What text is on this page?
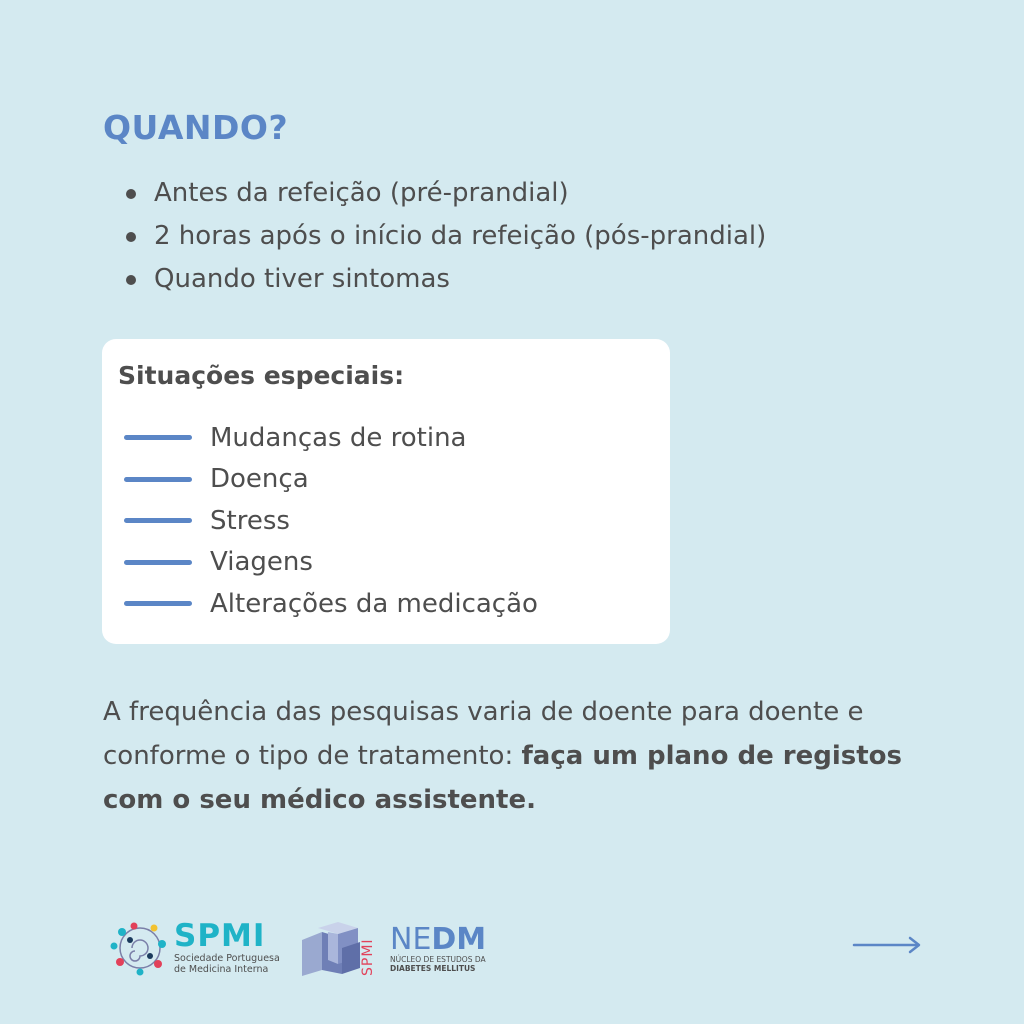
QUANDO?
Antes da refeição (pré-prandial)
2 horas após o início da refeição (pós-prandial)
Quando tiver sintomas
Situações especiais:
Mudanças de rotina
Doença
Stress
Viagens
Alterações da medicação
A frequência das pesquisas varia de doente para doente e conforme o tipo de tratamento: faça um plano de registos com o seu médico assistente.
SPMI
Sociedade Portuguesa
de Medicina Interna	SPMI NEDM
NÚCLEO DE ESTUDOS DA
DIABETES MELLITUS
